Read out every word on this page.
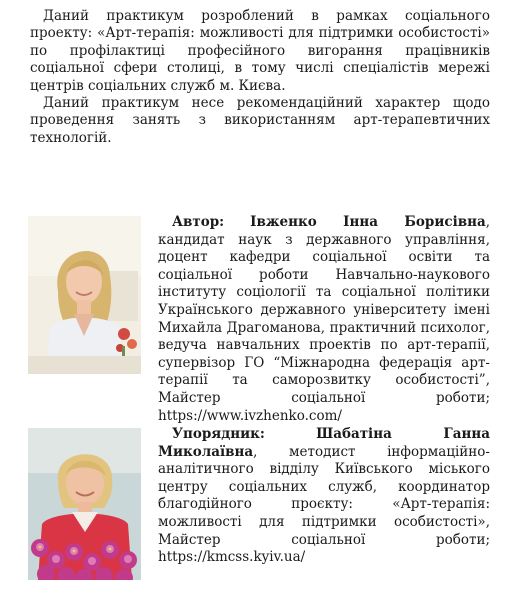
Даний практикум розроблений в рамках соціального проекту: «Арт-терапія: можливості для підтримки особистості» по профілактиці професійного вигорання працівників соціальної сфери столиці, в тому числі спеціалістів мережі центрів соціальних служб м. Києва.

Даний практикум несе рекомендаційний характер щодо проведення занять з використанням арт-терапевтичних технологій.

Автор: Івженко Інна Борисівна, кандидат наук з державного управління, доцент кафедри соціальної освіти та соціальної роботи Навчально-наукового інституту соціології та соціальної політики Українського державного університету імені Михайла Драгоманова, практичний психолог, ведуча навчальних проектів по арт-терапії, супервізор ГО “Міжнародна федерація арт-терапії та саморозвитку особистості”, Майстер соціальної роботи; https://www.ivzhenko.com/
Упорядник:	Шабатіна Ганна Миколаївна, методист інформаційно-аналітичного відділу Київського міського центру соціальних служб, координатор благодійного проєкту: «Арт-терапія: можливості для підтримки особистості», Майстер соціальної роботи; https://kmcss.kyiv.ua/
